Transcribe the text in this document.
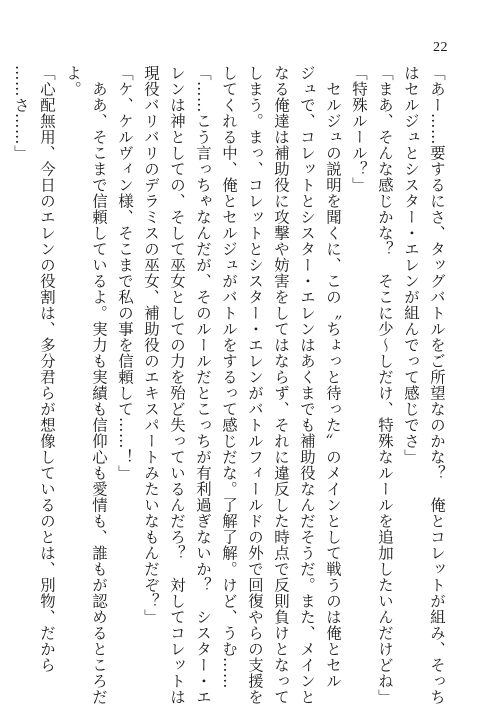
22
「あー……要するにさ、タッグバトルをご所望なのかな？　俺とコレットが組み、そっち
はセルジュとシスター・エレンが組んでって感じでさ」
「まあ、そんな感じかな？　そこに少～しだけ、特殊なルールを追加したいんだけどね」
「特殊ルール？」
　セルジュの説明を聞くに、この〝ちょっと待った〟のメインとして戦うのは俺とセル
ジュで、コレットとシスター・エレンはあくまでも補助役なんだそうだ。また、メインと
なる俺達は補助役に攻撃や妨害をしてはならず、それに違反した時点で反則負けとなって
しまう。まっ、コレットとシスター・エレンがバトルフィールドの外で回復やらの支援を
してくれる中、俺とセルジュがバトルをするって感じだな。了解了解。けど、うむ……
「……こう言っちゃなんだが、そのルールだとこっちが有利過ぎないか？　シスター・エ
レンは神としての、そして巫女としての力を殆ど失っているんだろ？　対してコレットは
現役バリバリのデラミスの巫女、補助役のエキスパートみたいなもんだぞ？」
「ケ、ケルヴィン様、そこまで私の事を信頼して……！」
　ああ、そこまで信頼しているよ。実力も実績も信仰心も愛情も、誰もが認めるところだ
よ。
「心配無用、今日のエレンの役割は、多分君らが想像しているのとは、別物、だから
……さ……」
